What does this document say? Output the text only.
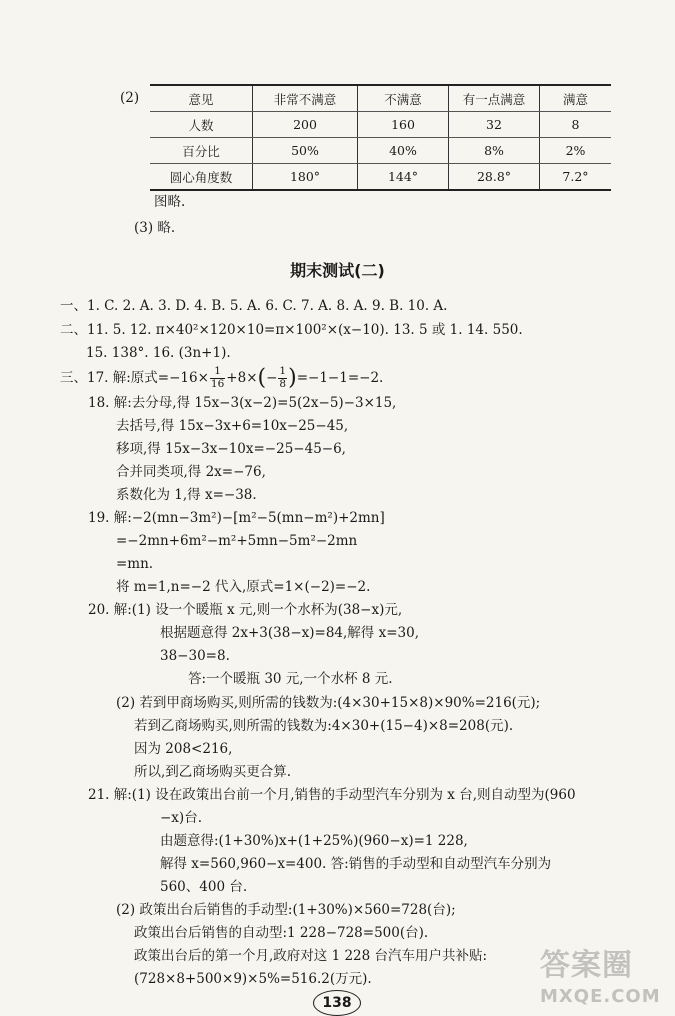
(2)	意见	非常不满意	不满意	有一点满意	满意
人数	200	160	32	8
百分比	50%	40%	8%	2%
圆心角度数	180°	144°	28.8°	7.2°
图略.
(3) 略.
期末测试(二)
一、1. C. 2. A. 3. D. 4. B. 5. A. 6. C. 7. A. 8. A. 9. B. 10. A.
二、11. 5. 12. π×40²×120×10=π×100²×(x−10). 13. 5 或 1. 14. 550.
15. 138°. 16. (3n+1).
三、17. 解:原式$=-16\times \frac{1}{16} +8\times(- \frac{1}{8} )=-1-1=-2$.
18. 解:去分母,得 15x−3(x−2)=5(2x−5)−3×15,
去括号,得 15x−3x+6=10x−25−45,
移项,得 15x−3x−10x=−25−45−6,
合并同类项,得 2x=−76,
系数化为 1,得 x=−38.
19. 解:−2(mn−3m²)−[m²−5(mn−m²)+2mn]
=−2mn+6m²−m²+5mn−5m²−2mn
=mn.
将 m=1,n=−2 代入,原式=1×(−2)=−2.
20. 解:(1) 设一个暖瓶 x 元,则一个水杯为(38−x)元,
根据题意得 2x+3(38−x)=84,解得 x=30,
38−30=8.
答:一个暖瓶 30 元,一个水杯 8 元.
(2) 若到甲商场购买,则所需的钱数为:(4×30+15×8)×90%=216(元);
若到乙商场购买,则所需的钱数为:4×30+(15−4)×8=208(元).
因为 208<216,
所以,到乙商场购买更合算.
21. 解:(1) 设在政策出台前一个月,销售的手动型汽车分别为 x 台,则自动型为(960
−x)台.
由题意得:(1+30%)x+(1+25%)(960−x)=1 228,
解得 x=560,960−x=400. 答:销售的手动型和自动型汽车分别为
560、400 台.
(2) 政策出台后销售的手动型:(1+30%)×560=728(台);
政策出台后销售的自动型:1 228−728=500(台).
政策出台后的第一个月,政府对这 1 228 台汽车用户共补贴:
(728×8+500×9)×5%=516.2(万元).
138
答案圈
MXQE.COM
